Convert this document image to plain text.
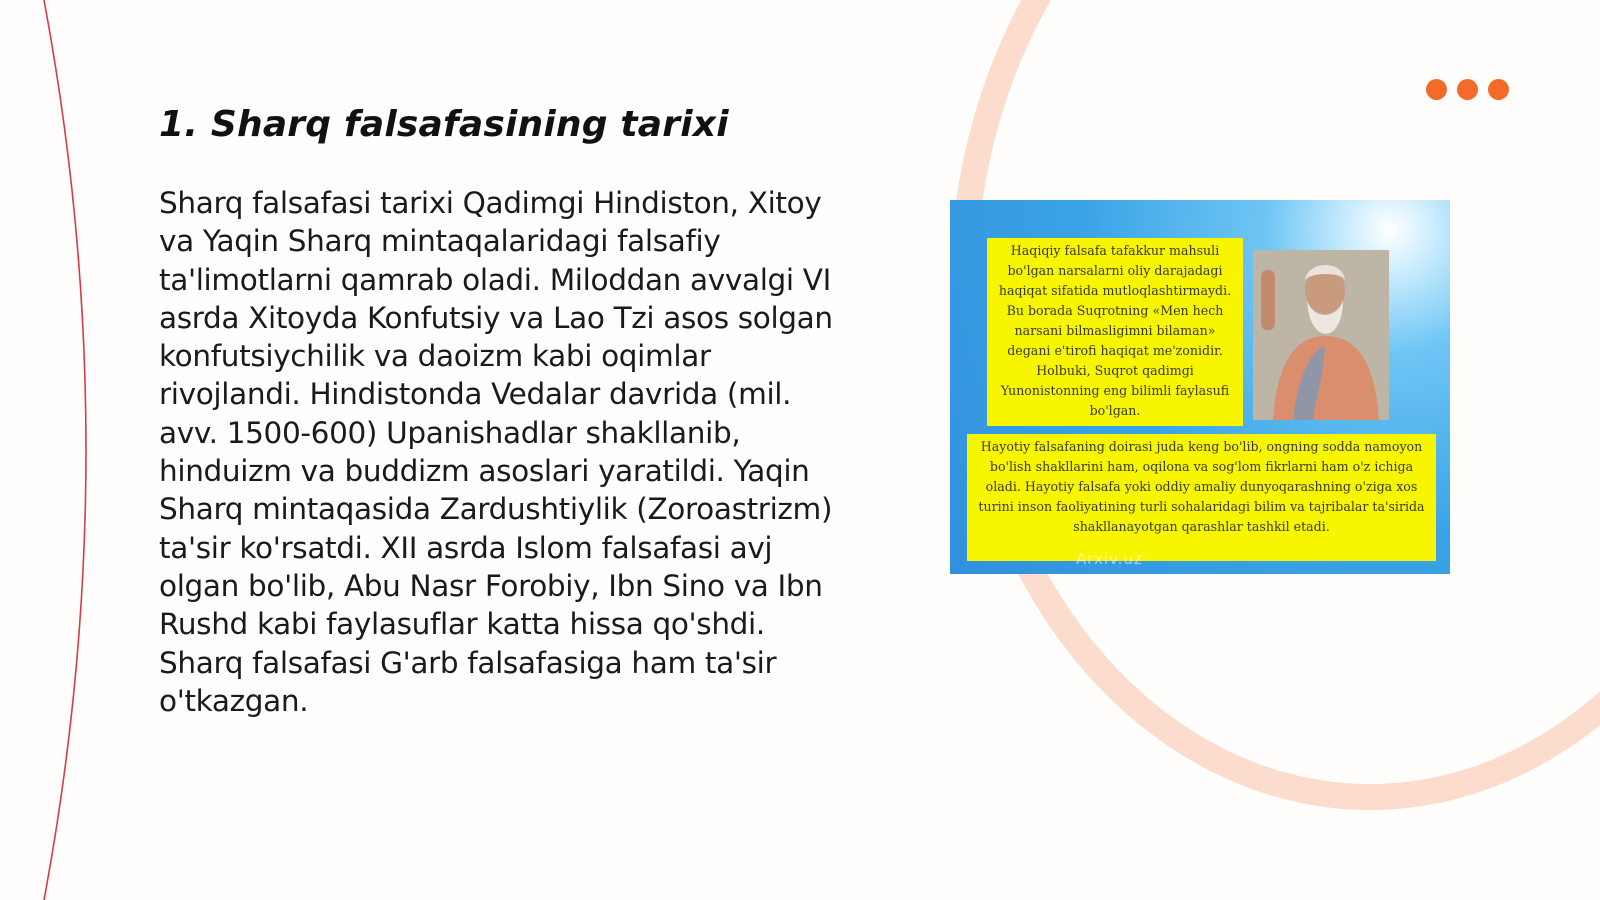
1. Sharq falsafasining tarixi

Sharq falsafasi tarixi Qadimgi Hindiston, Xitoy va Yaqin Sharq mintaqalaridagi falsafiy ta'limotlarni qamrab oladi. Miloddan avvalgi VI asrda Xitoyda Konfutsiy va Lao Tzi asos solgan konfutsiychilik va daoizm kabi oqimlar rivojlandi. Hindistonda Vedalar davrida (mil. avv. 1500-600) Upanishadlar shakllanib, hinduizm va buddizm asoslari yaratildi. Yaqin Sharq mintaqasida Zardushtiylik (Zoroastrizm) ta'sir ko'rsatdi. XII asrda Islom falsafasi avj olgan bo'lib, Abu Nasr Forobiy, Ibn Sino va Ibn Rushd kabi faylasuflar katta hissa qo'shdi. Sharq falsafasi G'arb falsafasiga ham ta'sir o'tkazgan.

Haqiqiy falsafa tafakkur mahsuli bo'lgan narsalarni oliy darajadagi haqiqat sifatida mutloqlashtirmaydi. Bu borada Suqrotning «Men hech narsani bilmasligimni bilaman» degani e'tirofi haqiqat me'zonidir. Holbuki, Suqrot qadimgi Yunonistonning eng bilimli faylasufi bo'lgan.
Hayotiy falsafaning doirasi juda keng bo'lib, ongning sodda namoyon bo'lish shakllarini ham, oqilona va sog'lom fikrlarni ham o'z ichiga oladi. Hayotiy falsafa yoki oddiy amaliy dunyoqarashning o'ziga xos turini inson faoliyatining turli sohalaridagi bilim va tajribalar ta'sirida shakllanayotgan qarashlar tashkil etadi.
Arxiv.uz
